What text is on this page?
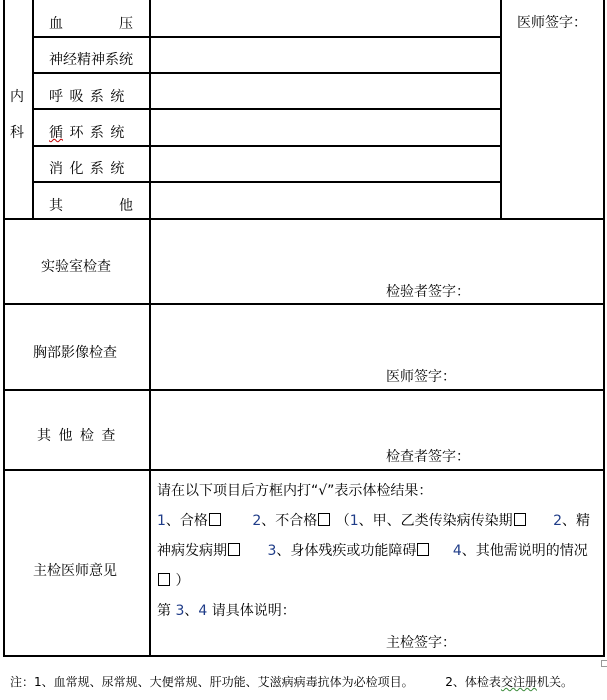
内
科
血	压
神经精神系统
呼 吸 系 统
循 环 系 统
消 化 系 统
其	他
医师签字：
实验室检查
检验者签字：
胸部影像检查
医师签字：
其 他 检 查
检查者签字：
主检医师意见
请在以下项目后方框内打“√”表示体检结果：
1、合格	2、不合格 （1、甲、乙类传染病传染期	2、精
神病发病期	3、身体残疾或功能障碍	4、其他需说明的情况
）
第 3、4 请具体说明：
主检签字：
注：1、血常规、尿常规、大便常规、肝功能、艾滋病病毒抗体为必检项目。	2、体检表交注册机关。
